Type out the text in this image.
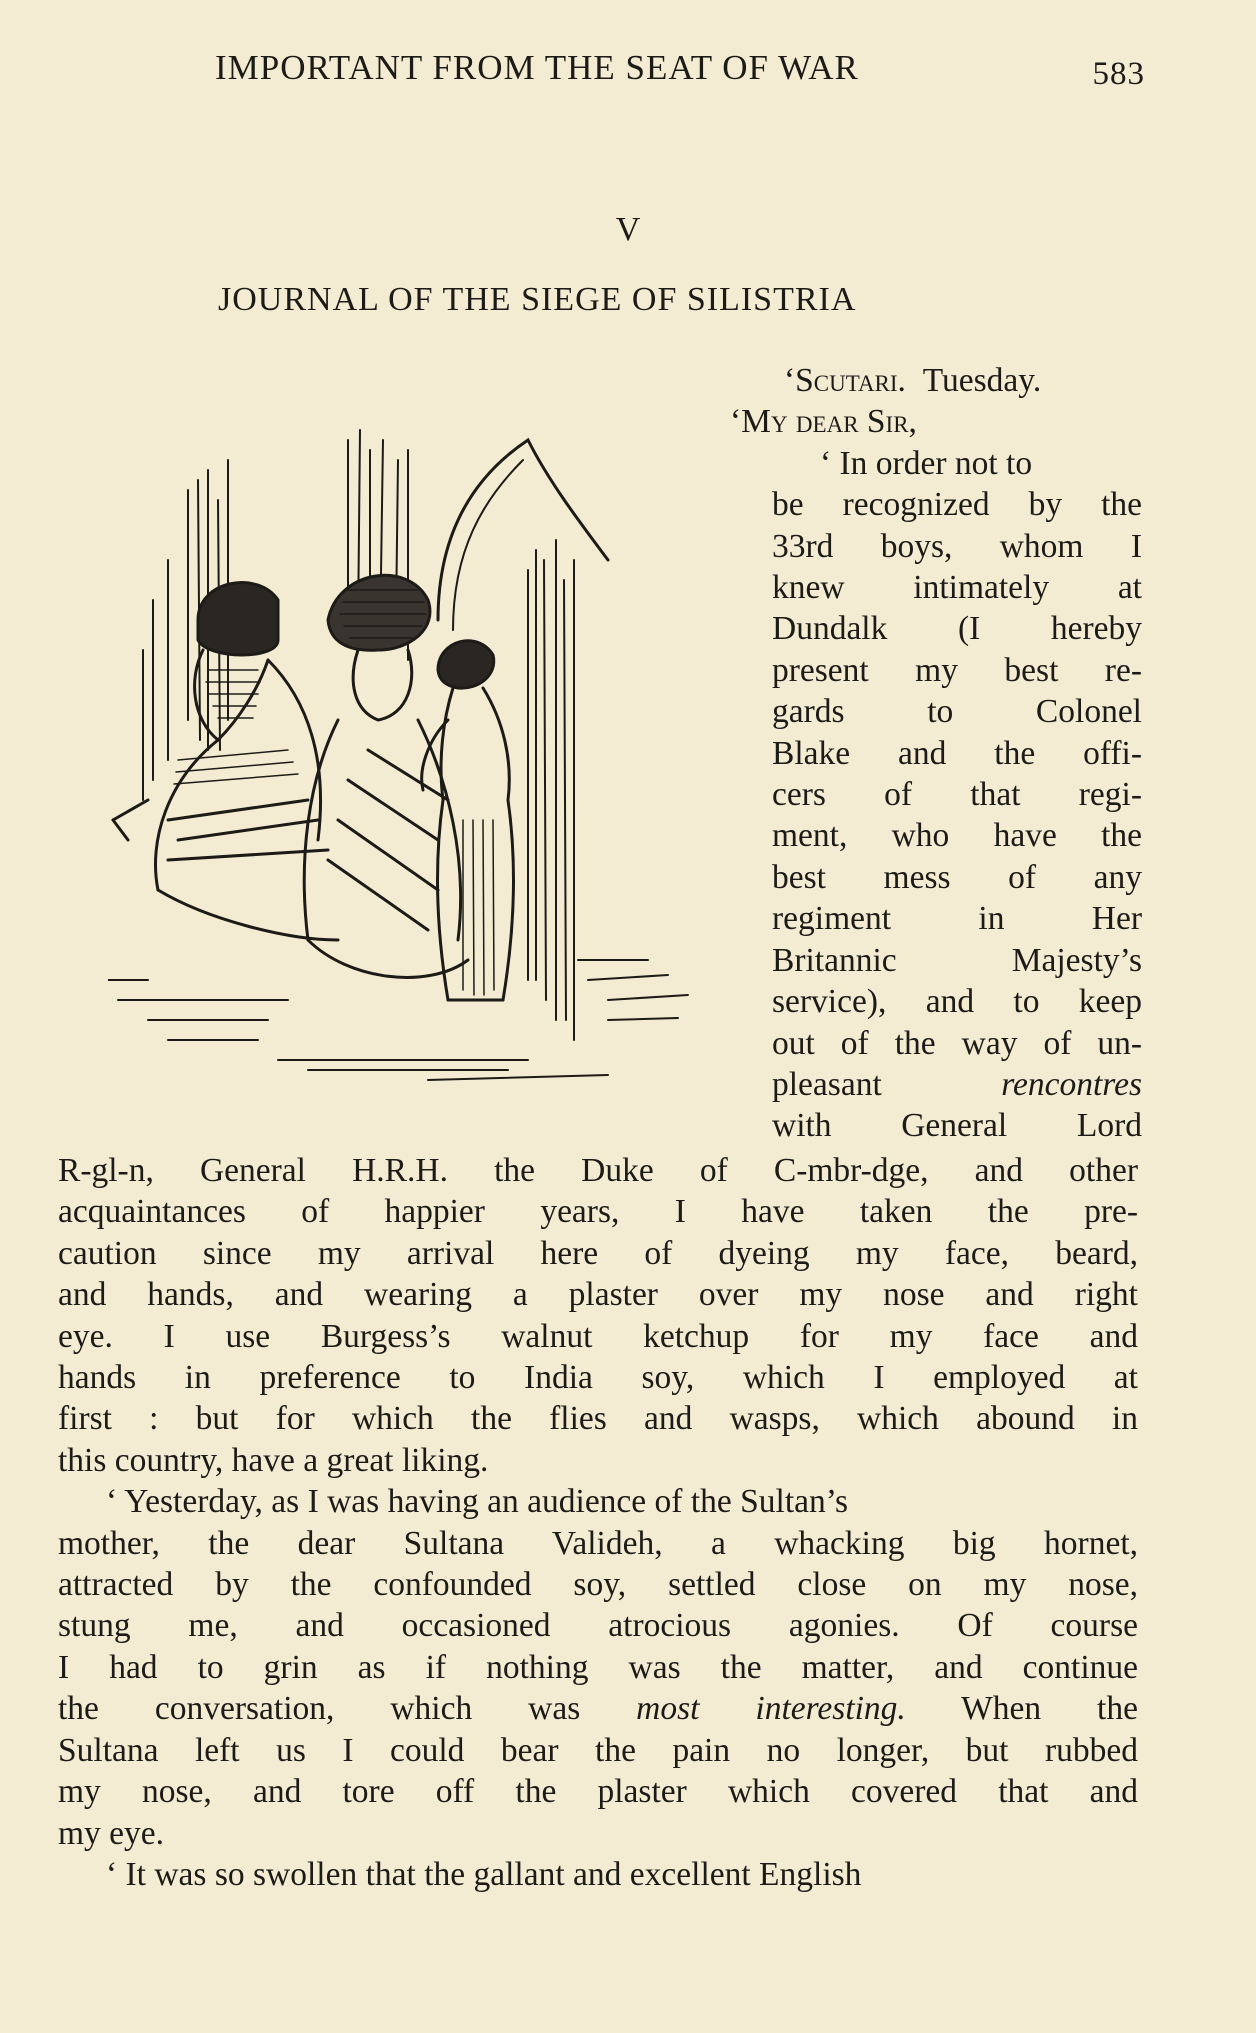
IMPORTANT FROM THE SEAT OF WAR	583
V
JOURNAL OF THE SIEGE OF SILISTRIA
‘Scutari. Tuesday.
‘My dear Sir,
‘ In order not to
be recognized by the
33rd boys, whom I
knew intimately at
Dundalk (I hereby
present my best re-
gards to Colonel
Blake and the offi-
cers of that regi-
ment, who have the
best mess of any
regiment in Her
Britannic Majesty’s
service), and to keep
out of the way of un-
pleasant	rencontres
with General Lord
R-gl-n, General H.R.H. the Duke of C-mbr-dge, and other
acquaintances of happier years, I have taken the pre-
caution since my arrival here of dyeing my face, beard,
and hands, and wearing a plaster over my nose and right
eye. I use Burgess’s walnut ketchup for my face and
hands in preference to India soy, which I employed at
first : but for which the flies and wasps, which abound in
this country, have a great liking.
‘ Yesterday, as I was having an audience of the Sultan’s
mother, the dear Sultana Valideh, a whacking big hornet,
attracted by the confounded soy, settled close on my nose,
stung me, and occasioned atrocious agonies. Of course
I had to grin as if nothing was the matter, and continue
the conversation, which was most interesting. When the
Sultana left us I could bear the pain no longer, but rubbed
my nose, and tore off the plaster which covered that and
my eye.
‘ It was so swollen that the gallant and excellent English
